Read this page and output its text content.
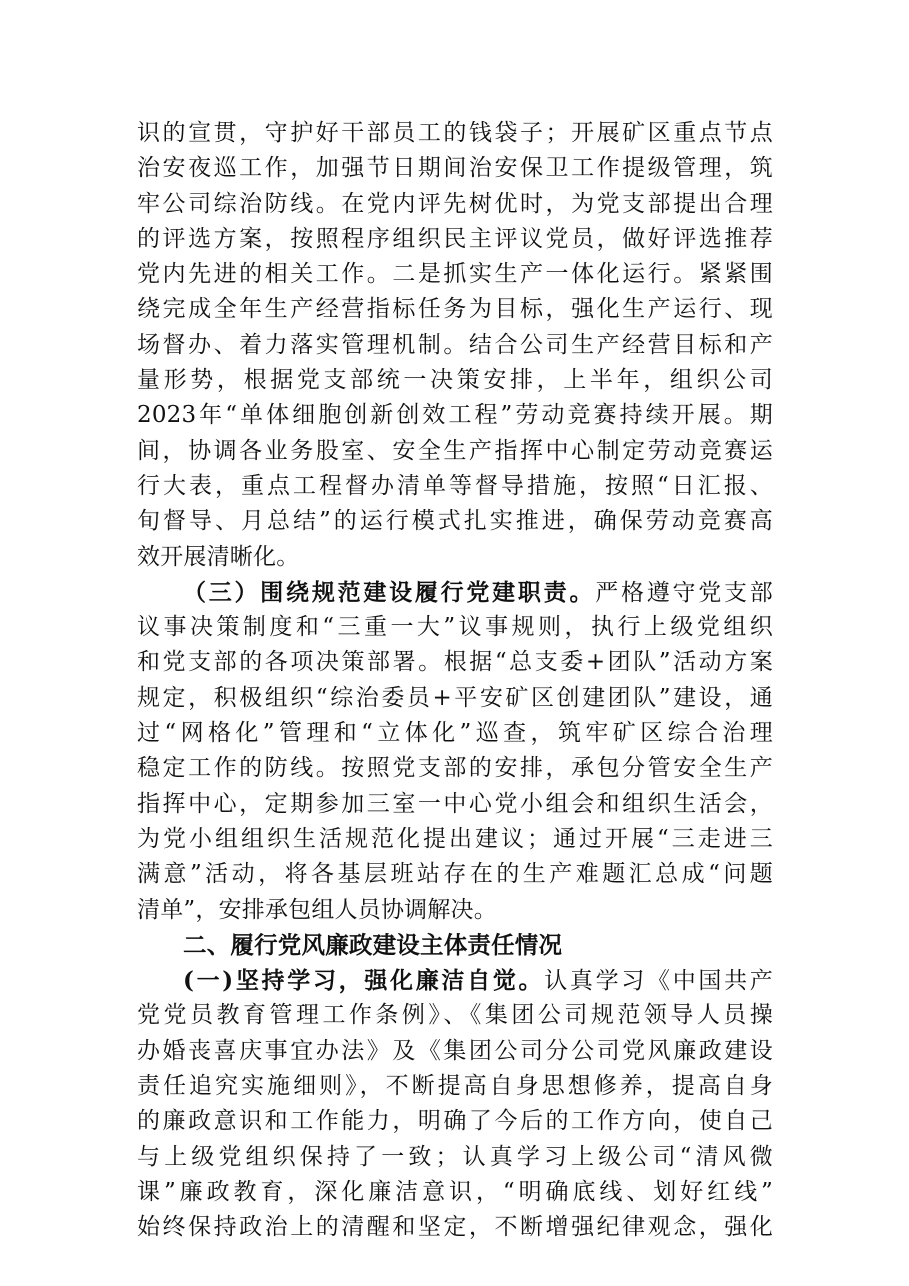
识的宣贯，守护好干部员工的钱袋子；开展矿区重点节点
治安夜巡工作，加强节日期间治安保卫工作提级管理，筑
牢公司综治防线。在党内评先树优时，为党支部提出合理
的评选方案，按照程序组织民主评议党员，做好评选推荐
党内先进的相关工作。二是抓实生产一体化运行。紧紧围
绕完成全年生产经营指标任务为目标，强化生产运行、现
场督办、着力落实管理机制。结合公司生产经营目标和产
量形势，根据党支部统一决策安排，上半年，组织公司
2023年“单体细胞创新创效工程”劳动竞赛持续开展。期
间，协调各业务股室、安全生产指挥中心制定劳动竞赛运
行大表，重点工程督办清单等督导措施，按照“日汇报、
旬督导、月总结”的运行模式扎实推进，确保劳动竞赛高
效开展清晰化。
（三）围绕规范建设履行党建职责。严格遵守党支部
议事决策制度和“三重一大”议事规则，执行上级党组织
和党支部的各项决策部署。根据“总支委+团队”活动方案
规定，积极组织“综治委员+平安矿区创建团队”建设，通
过“网格化”管理和“立体化”巡查，筑牢矿区综合治理
稳定工作的防线。按照党支部的安排，承包分管安全生产
指挥中心，定期参加三室一中心党小组会和组织生活会，
为党小组组织生活规范化提出建议；通过开展“三走进三
满意”活动，将各基层班站存在的生产难题汇总成“问题
清单”，安排承包组人员协调解决。
二、履行党风廉政建设主体责任情况
(一)坚持学习，强化廉洁自觉。认真学习《中国共产
党党员教育管理工作条例》、《集团公司规范领导人员操
办婚丧喜庆事宜办法》及《集团公司分公司党风廉政建设
责任追究实施细则》，不断提高自身思想修养，提高自身
的廉政意识和工作能力，明确了今后的工作方向，使自己
与上级党组织保持了一致；认真学习上级公司“清风微
课”廉政教育，深化廉洁意识，“明确底线、划好红线”
始终保持政治上的清醒和坚定，不断增强纪律观念，强化
